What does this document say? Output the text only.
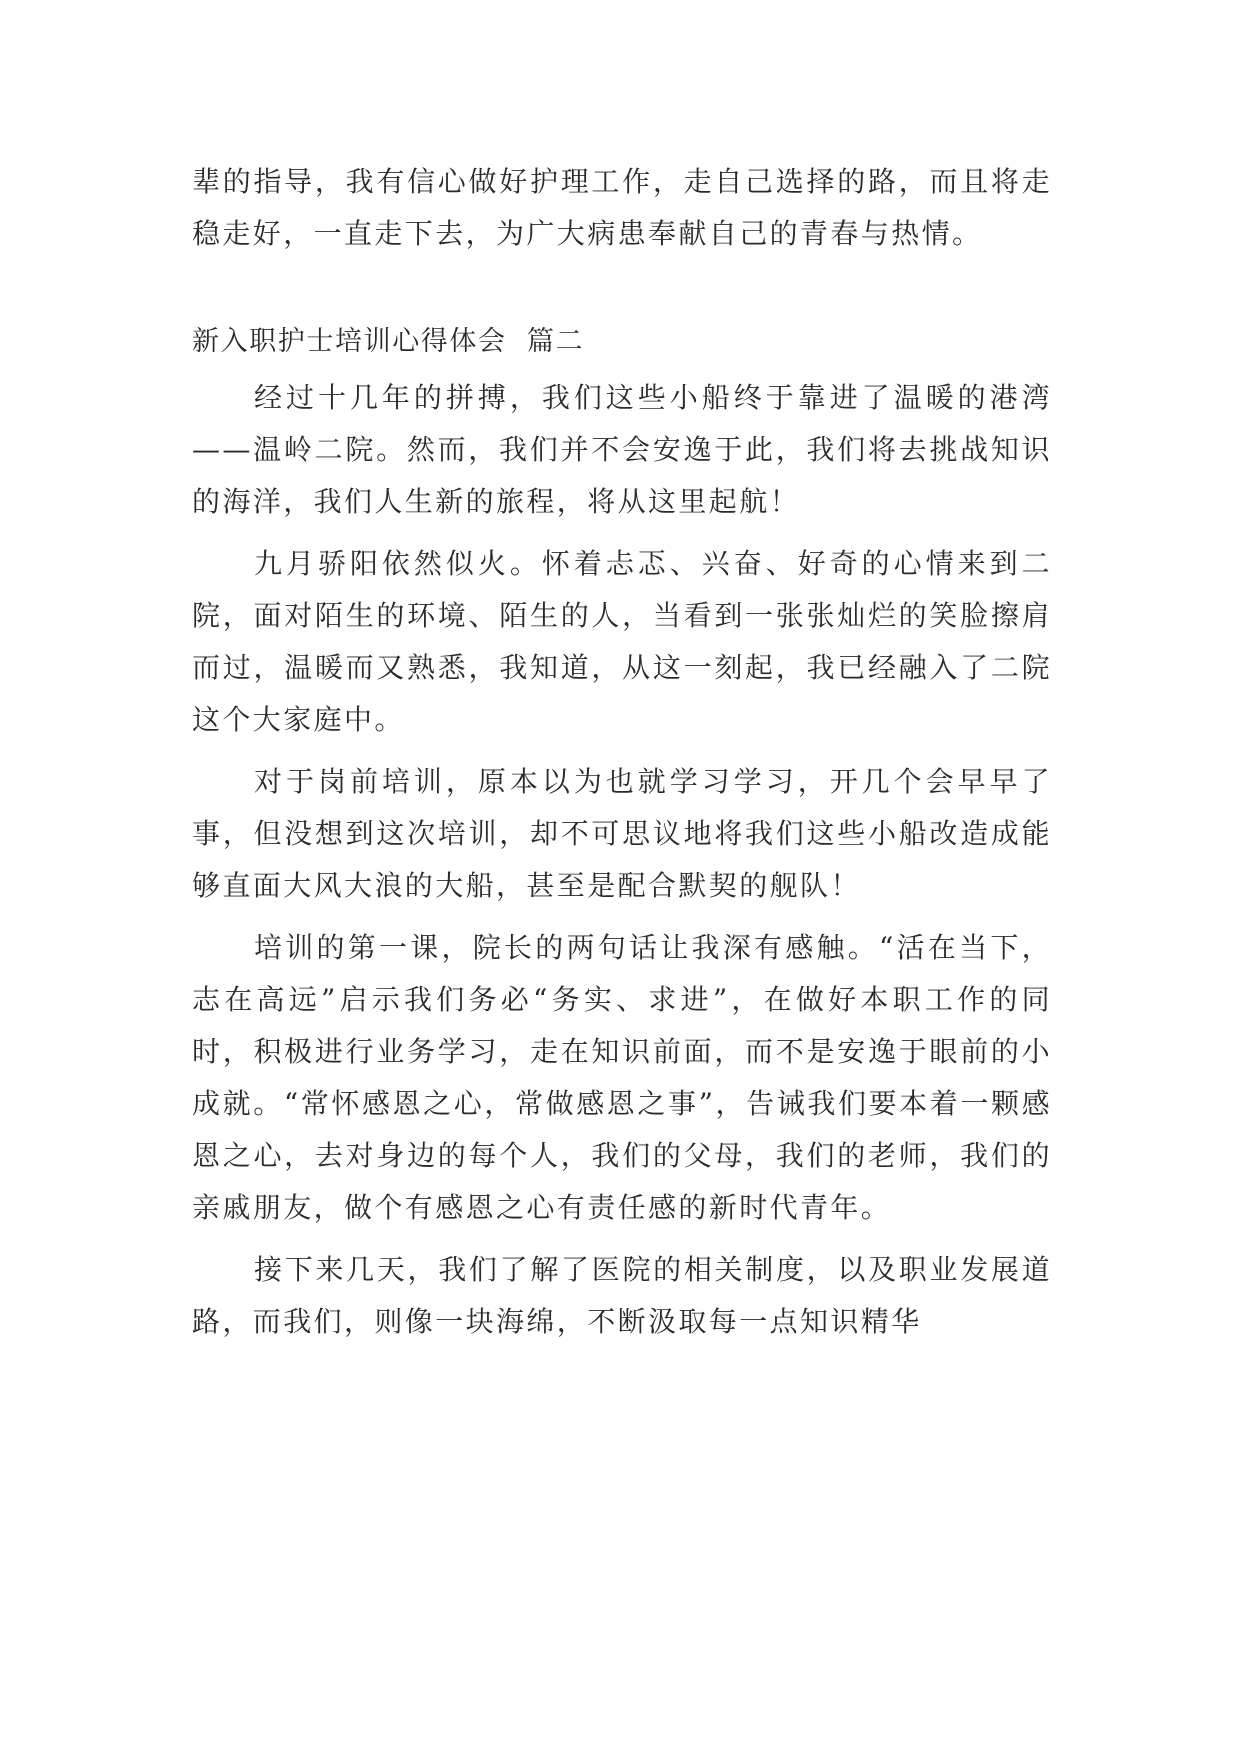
辈的指导，我有信心做好护理工作，走自己选择的路，而且将走稳走好，一直走下去，为广大病患奉献自己的青春与热情。

新入职护士培训心得体会  篇二

经过十几年的拼搏，我们这些小船终于靠进了温暖的港湾——温岭二院。然而，我们并不会安逸于此，我们将去挑战知识的海洋，我们人生新的旅程，将从这里起航！

九月骄阳依然似火。怀着忐忑、兴奋、好奇的心情来到二院，面对陌生的环境、陌生的人，当看到一张张灿烂的笑脸擦肩而过，温暖而又熟悉，我知道，从这一刻起，我已经融入了二院这个大家庭中。

对于岗前培训，原本以为也就学习学习，开几个会早早了事，但没想到这次培训，却不可思议地将我们这些小船改造成能够直面大风大浪的大船，甚至是配合默契的舰队！

培训的第一课，院长的两句话让我深有感触。“活在当下，志在高远”启示我们务必“务实、求进”，在做好本职工作的同时，积极进行业务学习，走在知识前面，而不是安逸于眼前的小成就。“常怀感恩之心，常做感恩之事”，告诫我们要本着一颗感恩之心，去对身边的每个人，我们的父母，我们的老师，我们的亲戚朋友，做个有感恩之心有责任感的新时代青年。

接下来几天，我们了解了医院的相关制度，以及职业发展道路，而我们，则像一块海绵，不断汲取每一点知识精华
